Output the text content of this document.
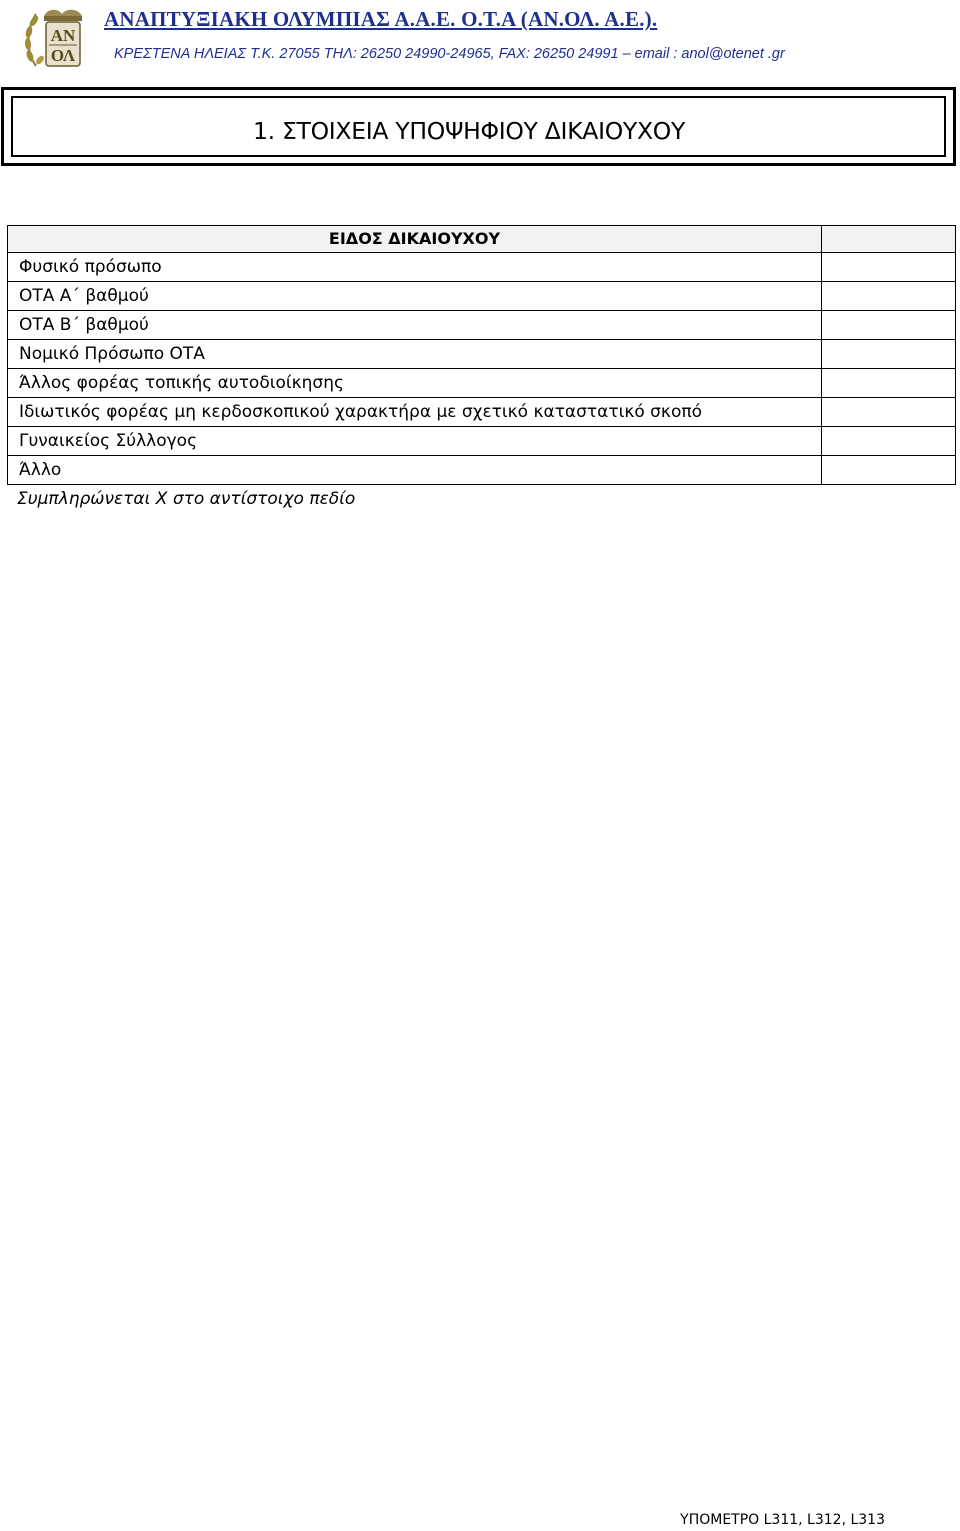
ΑΝ
ΟΛ
ΑΝΑΠΤΥΞΙΑΚΗ ΟΛΥΜΠΙΑΣ Α.Α.Ε. Ο.Τ.Α (ΑΝ.ΟΛ. Α.Ε.).
ΚΡΕΣΤΕΝΑ ΗΛΕΙΑΣ Τ.Κ. 27055 ΤΗΛ: 26250 24990-24965, FAX: 26250 24991 – email : anol@otenet .gr
1. ΣΤΟΙΧΕΙΑ ΥΠΟΨΗΦΙΟΥ ΔΙΚΑΙΟΥΧΟΥ
ΕΙΔΟΣ ΔΙΚΑΙΟΥΧΟΥ	
Φυσικό πρόσωπο	
ΟΤΑ Α΄ βαθμού	
ΟΤΑ Β΄ βαθμού	
Νομικό Πρόσωπο ΟΤΑ	
Άλλος φορέας τοπικής αυτοδιοίκησης	
Ιδιωτικός φορέας μη κερδοσκοπικού χαρακτήρα με σχετικό καταστατικό σκοπό	
Γυναικείος Σύλλογος	
Άλλο	
Συμπληρώνεται Χ στο αντίστοιχο πεδίο
ΥΠΟΜΕΤΡΟ L311, L312, L313
